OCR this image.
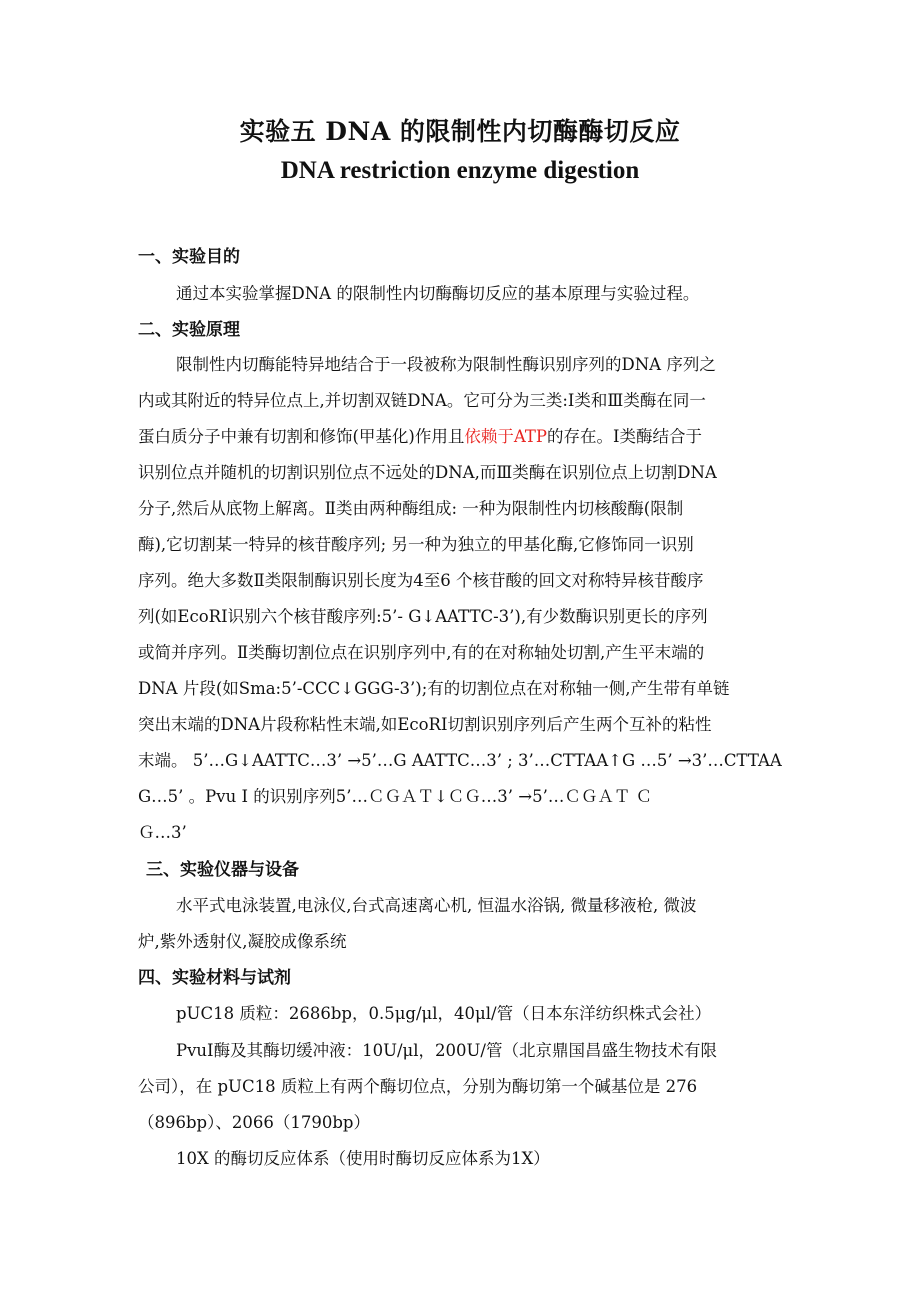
实验五 DNA 的限制性内切酶酶切反应
DNA restriction enzyme digestion
一、实验目的
通过本实验掌握DNA 的限制性内切酶酶切反应的基本原理与实验过程。
二、实验原理
限制性内切酶能特异地结合于一段被称为限制性酶识别序列的DNA 序列之
内或其附近的特异位点上,并切割双链DNA。它可分为三类:Ⅰ类和Ⅲ类酶在同一
蛋白质分子中兼有切割和修饰(甲基化)作用且依赖于ATP的存在。Ⅰ类酶结合于
识别位点并随机的切割识别位点不远处的DNA,而Ⅲ类酶在识别位点上切割DNA
分子,然后从底物上解离。Ⅱ类由两种酶组成: 一种为限制性内切核酸酶(限制
酶),它切割某一特异的核苷酸序列; 另一种为独立的甲基化酶,它修饰同一识别
序列。绝大多数Ⅱ类限制酶识别长度为4至6 个核苷酸的回文对称特异核苷酸序
列(如EcoRⅠ识别六个核苷酸序列:5’- G↓AATTC-3’),有少数酶识别更长的序列
或简并序列。Ⅱ类酶切割位点在识别序列中,有的在对称轴处切割,产生平末端的
DNA 片段(如Sma:5’-CCC↓GGG-3’);有的切割位点在对称轴一侧,产生带有单链
突出末端的DNA片段称粘性末端,如EcoRⅠ切割识别序列后产生两个互补的粘性
末端。 5’…G↓AATTC…3’ →5’…G AATTC…3’ ; 3’…CTTAA↑G …5’ →3’…CTTAA
G…5’ 。Pvu I 的识别序列5’…ＣＧＡＴ↓ＣＧ…3’ →5’…ＣＧＡＴ Ｃ
Ｇ…3’
三、实验仪器与设备
水平式电泳装置,电泳仪,台式高速离心机, 恒温水浴锅, 微量移液枪, 微波
炉,紫外透射仪,凝胶成像系统
四、实验材料与试剂
pUC18 质粒：2686bp，0.5μg/μl，40μl/管（日本东洋纺织株式会社）
PvuI酶及其酶切缓冲液：10U/μl，200U/管（北京鼎国昌盛生物技术有限
公司），在 pUC18 质粒上有两个酶切位点，分别为酶切第一个碱基位是 276
（896bp）、2066（1790bp）
10X 的酶切反应体系（使用时酶切反应体系为1X）
